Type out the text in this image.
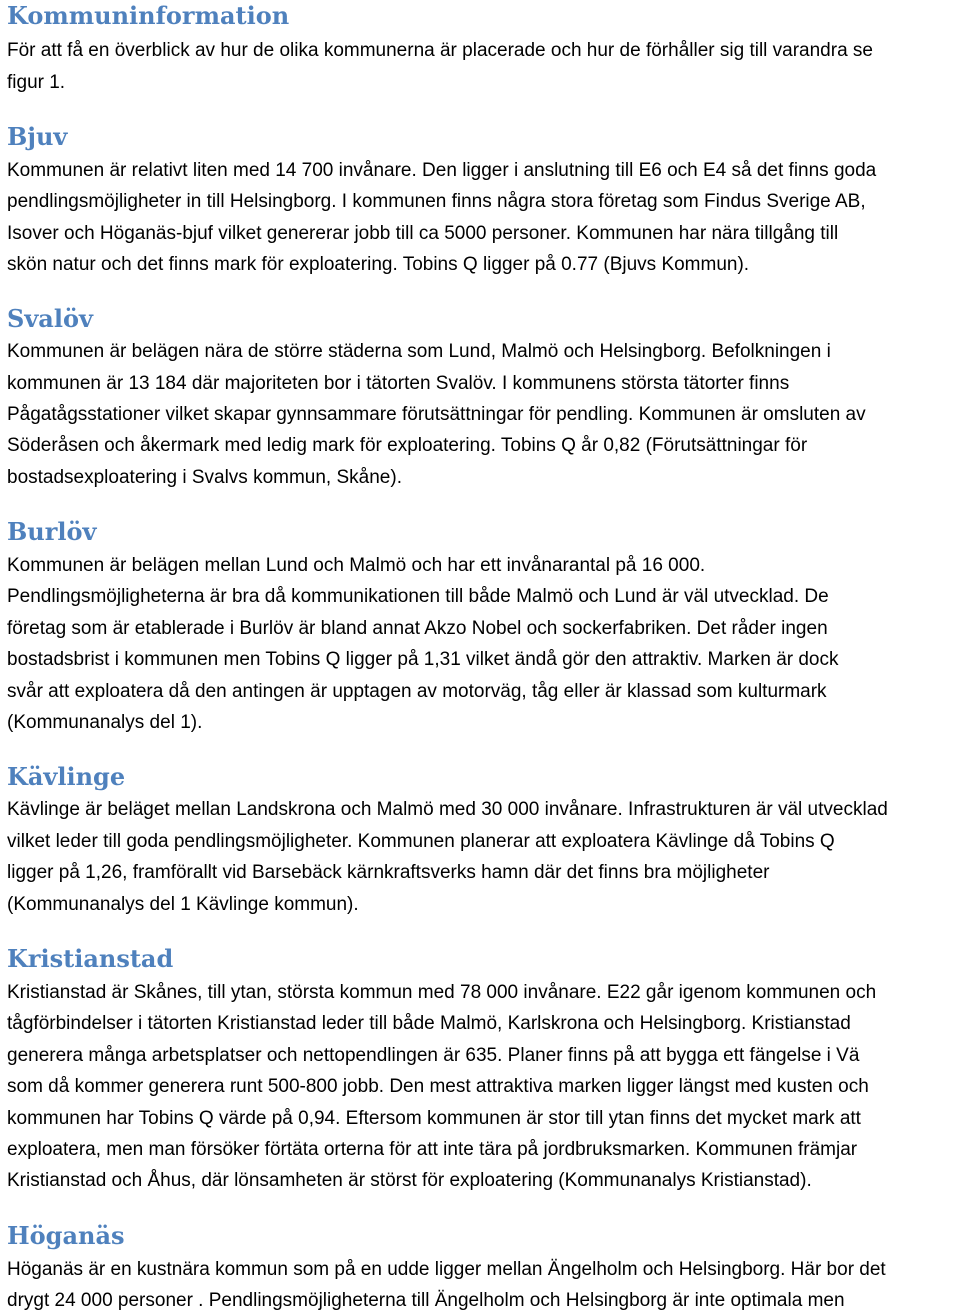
Kommuninformation

För att få en överblick av hur de olika kommunerna är placerade och hur de förhåller sig till varandra se

figur 1.

Bjuv

Kommunen är relativt liten med 14 700 invånare. Den ligger i anslutning till E6 och E4 så det finns goda

pendlingsmöjligheter in till Helsingborg. I kommunen finns några stora företag som Findus Sverige AB,

Isover och Höganäs-bjuf vilket genererar jobb till ca 5000 personer. Kommunen har nära tillgång till

skön natur och det finns mark för exploatering. Tobins Q ligger på 0.77 (Bjuvs Kommun).

Svalöv

Kommunen är belägen nära de större städerna som Lund, Malmö och Helsingborg. Befolkningen i

kommunen är 13 184 där majoriteten bor i tätorten Svalöv. I kommunens största tätorter finns

Pågatågsstationer vilket skapar gynnsammare förutsättningar för pendling. Kommunen är omsluten av

Söderåsen och åkermark med ledig mark för exploatering. Tobins Q år 0,82 (Förutsättningar för

bostadsexploatering i Svalvs kommun, Skåne).

Burlöv

Kommunen är belägen mellan Lund och Malmö och har ett invånarantal på 16 000.

Pendlingsmöjligheterna är bra då kommunikationen till både Malmö och Lund är väl utvecklad. De

företag som är etablerade i Burlöv är bland annat Akzo Nobel och sockerfabriken. Det råder ingen

bostadsbrist i kommunen men Tobins Q ligger på 1,31 vilket ändå gör den attraktiv. Marken är dock

svår att exploatera då den antingen är upptagen av motorväg, tåg eller är klassad som kulturmark

(Kommunanalys del 1).

Kävlinge

Kävlinge är beläget mellan Landskrona och Malmö med 30 000 invånare. Infrastrukturen är väl utvecklad

vilket leder till goda pendlingsmöjligheter. Kommunen planerar att exploatera Kävlinge då Tobins Q

ligger på 1,26, framförallt vid Barsebäck kärnkraftsverks hamn där det finns bra möjligheter

(Kommunanalys del 1 Kävlinge kommun).

Kristianstad

Kristianstad är Skånes, till ytan, största kommun med 78 000 invånare. E22 går igenom kommunen och

tågförbindelser i tätorten Kristianstad leder till både Malmö, Karlskrona och Helsingborg. Kristianstad

generera många arbetsplatser och nettopendlingen är 635. Planer finns på att bygga ett fängelse i Vä

som då kommer generera runt 500-800 jobb. Den mest attraktiva marken ligger längst med kusten och

kommunen har Tobins Q värde på 0,94. Eftersom kommunen är stor till ytan finns det mycket mark att

exploatera, men man försöker förtäta orterna för att inte tära på jordbruksmarken. Kommunen främjar

Kristianstad och Åhus, där lönsamheten är störst för exploatering (Kommunanalys Kristianstad).

Höganäs

Höganäs är en kustnära kommun som på en udde ligger mellan Ängelholm och Helsingborg. Här bor det

drygt 24 000 personer . Pendlingsmöjligheterna till Ängelholm och Helsingborg är inte optimala men
